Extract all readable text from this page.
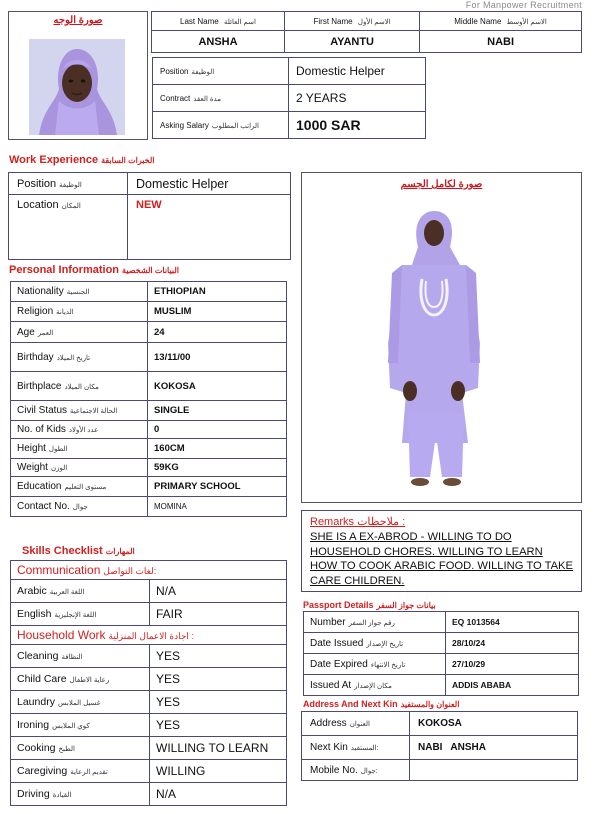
For Manpower Recruitment
صورة الوجه	Last Name اسم العائلة	First Name الاسم الأول	Middle Name الاسم الأوسط
ANSHA	AYANTU	NABI
Position الوظيفة	Domestic Helper
Contract مدة العقد	2 YEARS
Asking Salary الراتب المطلوب	1000 SAR
Work Experience الخبرات السابقة
Position الوظيفة	Domestic Helper
Location المكان	NEW
Personal Information البيانات الشخصية
Nationality الجنسية	ETHIOPIAN
Religion الديانة	MUSLIM
Age العمر	24
Birthday تاريخ الميلاد	13/11/00
Birthplace مكان الميلاد	KOKOSA
Civil Status الحالة الاجتماعية	SINGLE
No. of Kids عدد الأولاد	0
Height الطول	160CM
Weight الوزن	59KG
Education مستوى التعليم	PRIMARY SCHOOL
Contact No. جوال	MOMINA
Skills Checklist المهارات
Communication لغات التواصل:	
Arabic اللغة العربية	N/A
English اللغة الإنجليزية	FAIR
Household Work اجادة الاعمال المنزلية :	
Cleaning النظافة	YES
Child Care رعاية الاطفال	YES
Laundry غسيل الملابس	YES
Ironing كوي الملابس	YES
Cooking الطبخ	WILLING TO LEARN
Caregiving تقديم الرعاية	WILLING
Driving القيادة	N/A
صورة لكامل الجسم
Remarks ملاحظات :
SHE IS A EX-ABROD - WILLING TO DO HOUSEHOLD CHORES. WILLING TO LEARN HOW TO COOK ARABIC FOOD. WILLING TO TAKE CARE CHILDREN.
Passport Details بيانات جواز السفر
Number رقم جواز السفر	EQ 1013564
Date Issued تاريخ الإصدار	28/10/24
Date Expired تاريخ الانتهاء	27/10/29
Issued At مكان الإصدار	ADDIS ABABA
Address And Next Kin العنوان والمستفيد
Address العنوان	KOKOSA
Next Kin المستفيد:	NABI   ANSHA
Mobile No. جوال:	
